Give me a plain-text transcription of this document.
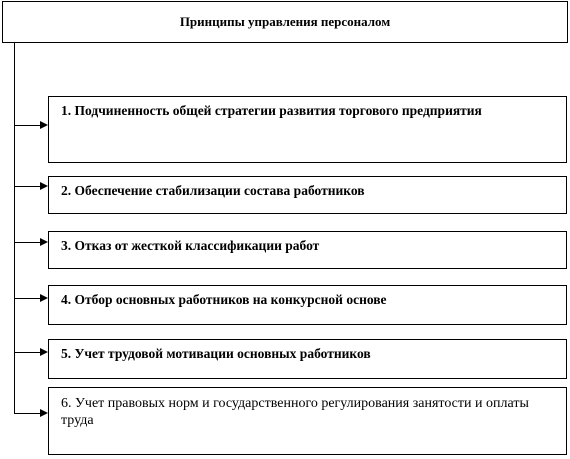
Принципы управления персоналом
1. Подчиненность общей стратегии развития торгового предприятия
2. Обеспечение стабилизации состава работников
3. Отказ от жесткой классификации работ
4. Отбор основных работников на конкурсной основе
5. Учет трудовой мотивации основных работников
6. Учет правовых норм и государственного регулирования занятости и оплаты труда
